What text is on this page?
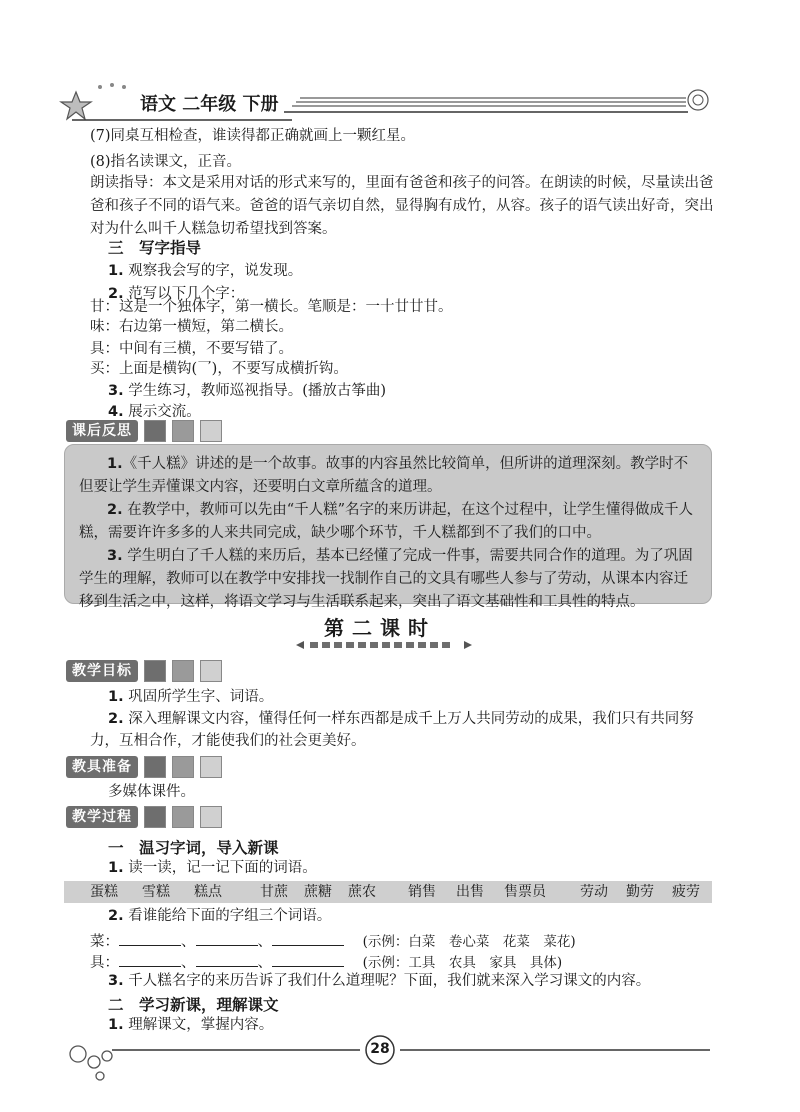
语文 二年级 下册
(7)同桌互相检查，谁读得都正确就画上一颗红星。
(8)指名读课文，正音。
朗读指导：本文是采用对话的形式来写的，里面有爸爸和孩子的问答。在朗读的时候，尽量读出爸爸和孩子不同的语气来。爸爸的语气亲切自然，显得胸有成竹，从容。孩子的语气读出好奇，突出对为什么叫千人糕急切希望找到答案。
三　写字指导
1. 观察我会写的字，说发现。
2. 范写以下几个字：
甘：这是一个独体字，第一横长。笔顺是：一十廿廿甘。
味：右边第一横短，第二横长。
具：中间有三横，不要写错了。
买：上面是横钩(乛)，不要写成横折钩。
3. 学生练习，教师巡视指导。(播放古筝曲)
4. 展示交流。
课后反思

1.《千人糕》讲述的是一个故事。故事的内容虽然比较简单，但所讲的道理深刻。教学时不但要让学生弄懂课文内容，还要明白文章所蕴含的道理。

2. 在教学中，教师可以先由“千人糕”名字的来历讲起，在这个过程中，让学生懂得做成千人糕，需要许许多多的人来共同完成，缺少哪个环节，千人糕都到不了我们的口中。

3. 学生明白了千人糕的来历后，基本已经懂了完成一件事，需要共同合作的道理。为了巩固学生的理解，教师可以在教学中安排找一找制作自己的文具有哪些人参与了劳动，从课本内容迁移到生活之中，这样，将语文学习与生活联系起来，突出了语文基础性和工具性的特点。

第二课时
教学目标
1. 巩固所学生字、词语。
2. 深入理解课文内容，懂得任何一样东西都是成千上万人共同劳动的成果，我们只有共同努力，互相合作，才能使我们的社会更美好。
教具准备
多媒体课件。
教学过程
一　温习字词，导入新课
1. 读一读，记一记下面的词语。
蛋糕 雪糕 糕点	甘蔗 蔗糖 蔗农 销售 出售 售票员 劳动 勤劳 疲劳
2. 看谁能给下面的字组三个词语。
菜：	、	、	(示例：白菜　卷心菜　花菜　菜花)
具：	、	、	(示例：工具　农具　家具　具体)
3. 千人糕名字的来历告诉了我们什么道理呢？下面，我们就来深入学习课文的内容。
二　学习新课，理解课文
1. 理解课文，掌握内容。
28
